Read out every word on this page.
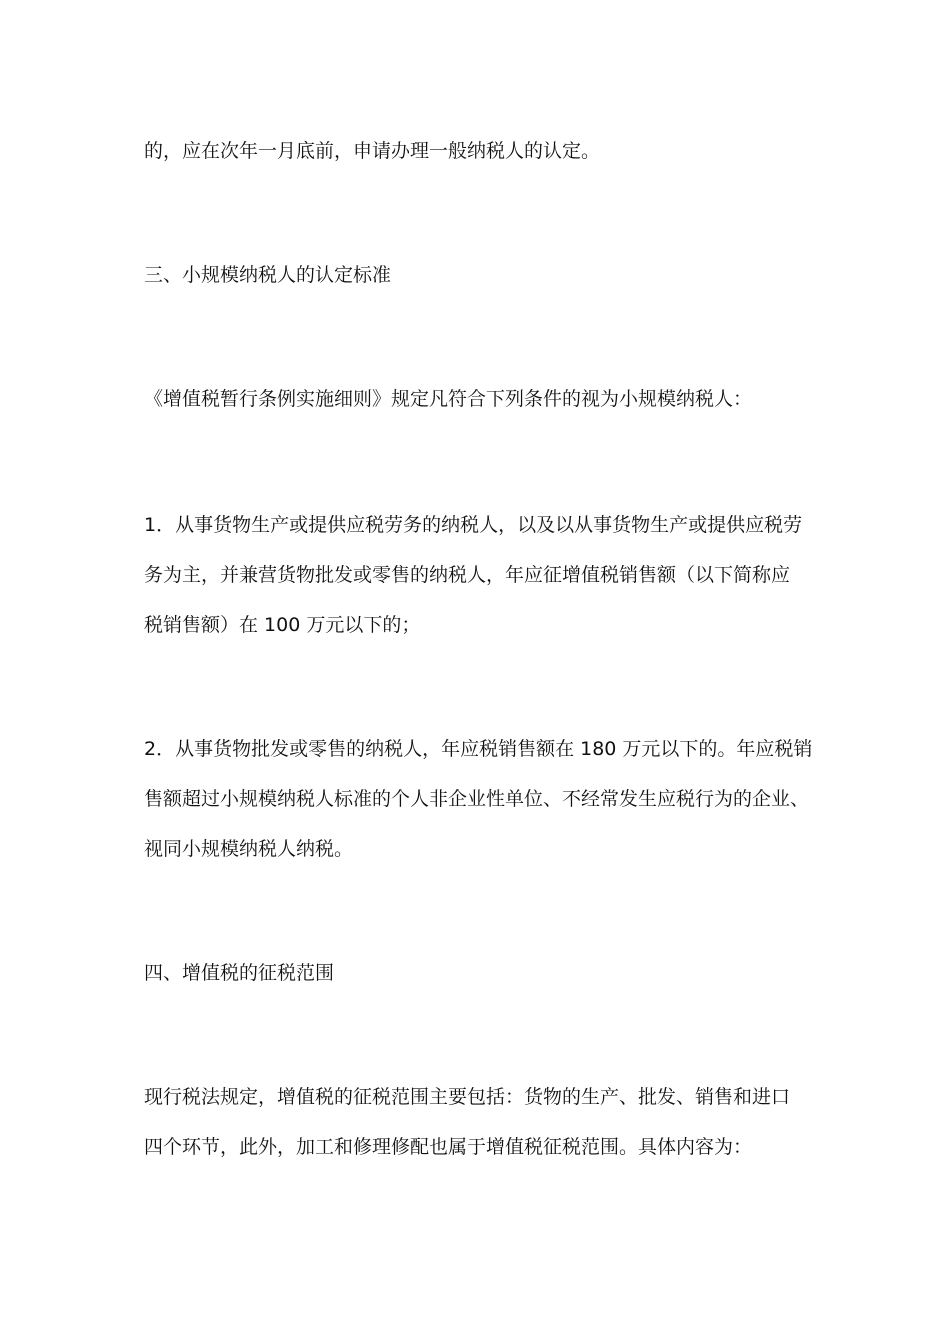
的，应在次年一月底前，申请办理一般纳税人的认定。
三、小规模纳税人的认定标准
《增值税暂行条例实施细则》规定凡符合下列条件的视为小规模纳税人：
1．从事货物生产或提供应税劳务的纳税人，以及以从事货物生产或提供应税劳
务为主，并兼营货物批发或零售的纳税人，年应征增值税销售额（以下简称应
税销售额）在 100 万元以下的；
2．从事货物批发或零售的纳税人，年应税销售额在 180 万元以下的。年应税销
售额超过小规模纳税人标准的个人非企业性单位、不经常发生应税行为的企业、
视同小规模纳税人纳税。
四、增值税的征税范围
现行税法规定，增值税的征税范围主要包括：货物的生产、批发、销售和进口
四个环节，此外，加工和修理修配也属于增值税征税范围。具体内容为：
